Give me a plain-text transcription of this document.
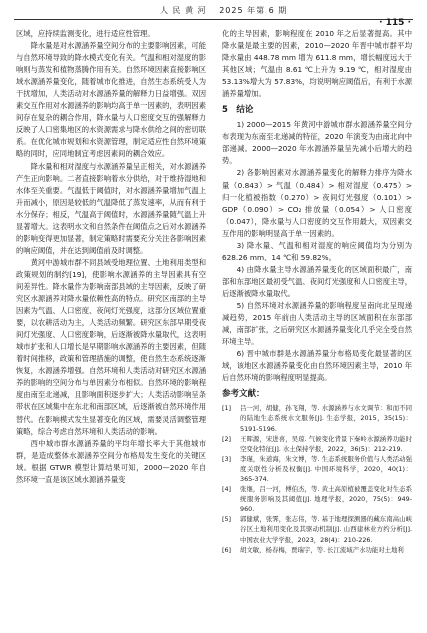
人 民 黄 河　 2025 年第 6 期
· 115 ·

区域，应持续监测变化，进行适应性管理。

降水量是对水源涵养量空间分布的主要影响因素，可能与自然环境导致的降水模式变化有关。气温和相对湿度的影响则与蒸发和植物蒸腾作用有关。自然环境因素直接影响区域水源涵养量变化，随着城市化推进，自然生态系统受人为干扰增加，人类活动对水源涵养量的解释力日益增强。双因素交互作用对水源涵养的影响均高于单一因素的，表明因素间存在复杂的耦合作用，降水量与人口密度交互的强解释力反映了人口密集地区的水资源需求与降水供给之间的密切联系。在优化城市规划和水资源管理，制定适应性自然环境策略的同时，应同地制宜考虑因素间的耦合效应。

降水量和相对湿度与水源涵养量呈正相关，对水源涵养产生正向影响。二者直接影响着水分供给，对于维持湿地和水体至关重要。气温低于阈值时，对水源涵养量增加气温上升而减小，原因是较低的气温降低了蒸发速率，从而有利于水分保存；相反，气温高于阈值时，水源涵养量随气温上升显著增大。这表明水文和自然条件在阈值点之后对水源涵养的影响变得更加显著，制定策略时需要充分关注各影响因素的响应阈值，并在达到阈值前及时调整。

黄河中游城市群不同县域受地理位置、土地利用类型和政策规划的制约[19]，使影响水源涵养的主导因素具有空间差异性。降水量作为影响南部县域的主导因素，反映了研究区水源涵养对降水量依赖性高的特点。研究区南部的主导因素为气温、人口密度、夜间灯光强度，这部分区域位置重要，以农耕活动为主，人类活动频繁。研究区东部早期受夜间灯光强度、人口密度影响，后逐渐被降水量取代，这表明城市扩张和人口增长是早期影响水源涵养的主要因素，但随着时间推移，政策和管理措施的调整，使自然生态系统逐渐恢复，水源涵养增强。自然环境和人类活动对研究区水源涵养的影响的空间分布与单因素分布相似。自然环境的影响程度由南至北递减，且影响面积逐步扩大；人类活动影响呈条带状在区域集中在东北和南部区域，后逐渐被自然环境作用替代。在影响模式发生显著变化的区域，需要灵活调整管理策略，综合考虑自然环境和人类活动的影响。

西中城市群水源涵养量的平均年增长率大于其他城市群，是造成整体水源涵养空间分布格局发生变化的关键区域。根据 GTWR 模型计算结果可知，2000—2020 年自然环境一直是该区域水源涵养量变

化的主导因素，影响程度在 2010 年之后显著提高。其中降水量是最主要的因素，2010—2020 年晋中城市群平均降水量由 448.78 mm 增为 611.8 mm，增长幅度远大于其他区域；气温由 8.61 ℃上升为 9.19 ℃，相对湿度由 53.13%增大为 57.83%，均说明响应阈值后，有利于水源涵养量增加。

5　结论

1) 2000—2015 年黄河中游城市群水源涵养量空间分布表现为东南至北递减的特征，2020 年演变为由南北向中部递减。2000—2020 年水源涵养量呈先减小后增大的趋势。

2) 各影响因素对水源涵养量变化的解释力排序为降水量（0.843）> 气温（0.484）> 相对湿度（0.475）> 归一化植被指数（0.270）> 夜间灯光强度（0.101）> GDP（0.090）> CO₂ 排放量（0.054）> 人口密度（0.047），降水量与人口密度的交互作用最大，双因素交互作用的影响明显高于单一因素的。

3) 降水量、气温和相对湿度的响应阈值均为分别为 628.26 mm、14 ℃和 59.82%。

4) 由降水量主导水源涵养量变化的区域面积最广，南部和东部地区最初受气温、夜间灯光强度和人口密度主导，后逐渐被降水量取代。

5) 自然环境对水源涵养量的影响程度呈南向北呈现递减趋势，2015 年前由人类活动主导的区域面积在东部部减，南部扩张，之后研究区水源涵养量变化几乎完全受自然环境主导。

6) 晋中城市群是水源涵养量分布格局变化最显著的区域，该地区水源涵养量变化由自然环境因素主导，2010 年后自然环境的影响程度明显提高。

参考文献：
[1]	吕一河，胡健，孙飞翔，等. 水源涵养与水文调节：和而不同的陆地生态系统水文服务[J]. 生态学报，2015，35(15)：5191-5196.
[2]	王晖源，宋进喜，吴琼. 气候变化背景下秦岭水源涵养功能时空变化特征[J]. 水土保持学报，2022，36(5)：212-219.
[3]	李瑾，朱道海，朱文博，等. 生态系统服务价值与人类活动强度关联性分析及权衡[J]. 中国环境科学，2020，40(1)：365-374.
[4]	张继，吕一河，傅伯杰，等. 黄土高原植被覆盖变化对生态系统服务影响及其阈值[J]. 地理学报，2020，75(5)：949-960.
[5]	郭健斌，张霁，张志伟，等. 基于地理探测器的藏东南高山峡谷区土地利用变化及其驱动机制[J]. 山西建林业方约分析[J]. 中国农业大学学报，2023，28(4)：210-226.
[6]	胡文敏，杨春梅，贾瑞宇，等. 长江流域产水功能对土地利
